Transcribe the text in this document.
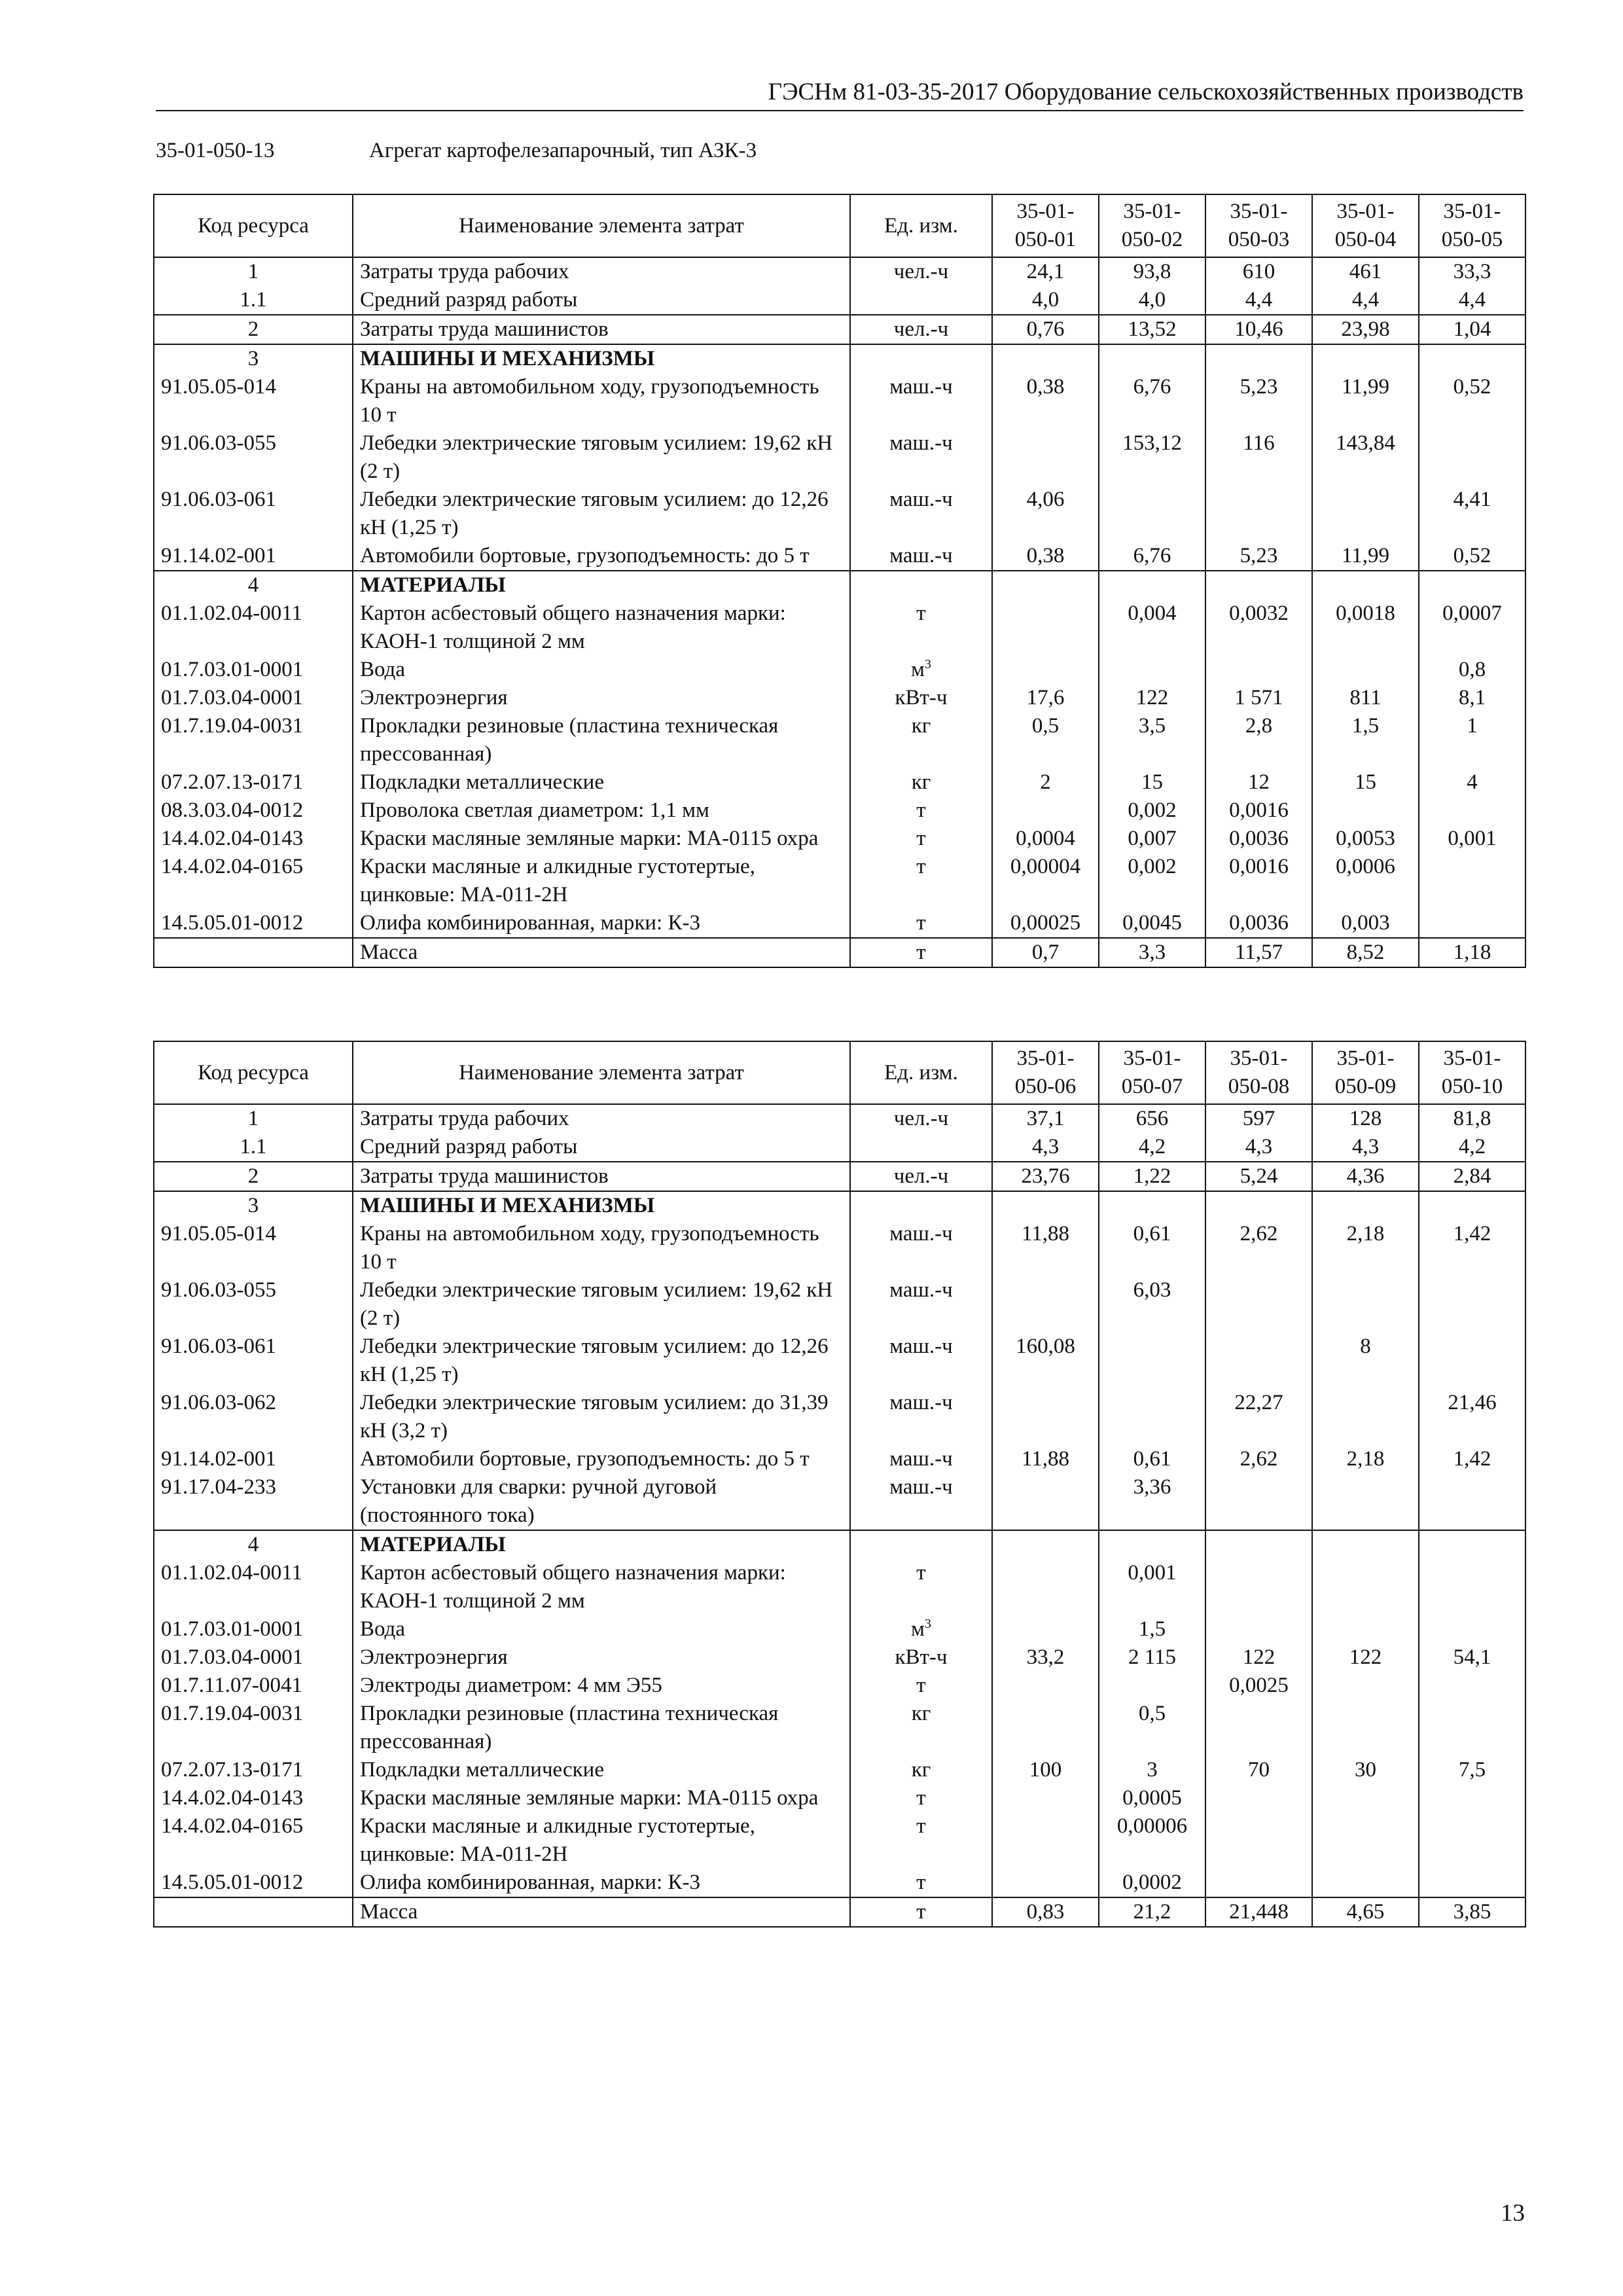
ГЭСНм 81-03-35-2017 Оборудование сельскохозяйственных производств
35-01-050-13	Агрегат картофелезапарочный, тип АЗК-3
Код ресурса	Наименование элемента затрат	Ед. изм.	35-01-050-01	35-01-050-02	35-01-050-03	35-01-050-04	35-01-050-05
1	Затраты труда рабочих	чел.-ч	24,1	93,8	610	461	33,3
1.1	Средний разряд работы		4,0	4,0	4,4	4,4	4,4
2	Затраты труда машинистов	чел.-ч	0,76	13,52	10,46	23,98	1,04
3	МАШИНЫ И МЕХАНИЗМЫ						
91.05.05-014	Краны на автомобильном ходу, грузоподъемность 10 т	маш.-ч	0,38	6,76	5,23	11,99	0,52
91.06.03-055	Лебедки электрические тяговым усилием: 19,62 кН (2 т)	маш.-ч		153,12	116	143,84	
91.06.03-061	Лебедки электрические тяговым усилием: до 12,26 кН (1,25 т)	маш.-ч	4,06				4,41
91.14.02-001	Автомобили бортовые, грузоподъемность: до 5 т	маш.-ч	0,38	6,76	5,23	11,99	0,52
4	МАТЕРИАЛЫ						
01.1.02.04-0011	Картон асбестовый общего назначения марки: КАОН-1 толщиной 2 мм	т		0,004	0,0032	0,0018	0,0007
01.7.03.01-0001	Вода	$м^3$					0,8
01.7.03.04-0001	Электроэнергия	кВт-ч	17,6	122	1 571	811	8,1
01.7.19.04-0031	Прокладки резиновые (пластина техническая прессованная)	кг	0,5	3,5	2,8	1,5	1
07.2.07.13-0171	Подкладки металлические	кг	2	15	12	15	4
08.3.03.04-0012	Проволока светлая диаметром: 1,1 мм	т		0,002	0,0016		
14.4.02.04-0143	Краски масляные земляные марки: МА-0115 охра	т	0,0004	0,007	0,0036	0,0053	0,001
14.4.02.04-0165	Краски масляные и алкидные густотертые, цинковые: МА-011-2Н	т	0,00004	0,002	0,0016	0,0006	
14.5.05.01-0012	Олифа комбинированная, марки: К-3	т	0,00025	0,0045	0,0036	0,003	
	Масса	т	0,7	3,3	11,57	8,52	1,18
Код ресурса	Наименование элемента затрат	Ед. изм.	35-01-050-06	35-01-050-07	35-01-050-08	35-01-050-09	35-01-050-10
1	Затраты труда рабочих	чел.-ч	37,1	656	597	128	81,8
1.1	Средний разряд работы		4,3	4,2	4,3	4,3	4,2
2	Затраты труда машинистов	чел.-ч	23,76	1,22	5,24	4,36	2,84
3	МАШИНЫ И МЕХАНИЗМЫ						
91.05.05-014	Краны на автомобильном ходу, грузоподъемность 10 т	маш.-ч	11,88	0,61	2,62	2,18	1,42
91.06.03-055	Лебедки электрические тяговым усилием: 19,62 кН (2 т)	маш.-ч		6,03			
91.06.03-061	Лебедки электрические тяговым усилием: до 12,26 кН (1,25 т)	маш.-ч	160,08			8	
91.06.03-062	Лебедки электрические тяговым усилием: до 31,39 кН (3,2 т)	маш.-ч			22,27		21,46
91.14.02-001	Автомобили бортовые, грузоподъемность: до 5 т	маш.-ч	11,88	0,61	2,62	2,18	1,42
91.17.04-233	Установки для сварки: ручной дуговой (постоянного тока)	маш.-ч		3,36			
4	МАТЕРИАЛЫ						
01.1.02.04-0011	Картон асбестовый общего назначения марки: КАОН-1 толщиной 2 мм	т		0,001			
01.7.03.01-0001	Вода	$м^3$		1,5			
01.7.03.04-0001	Электроэнергия	кВт-ч	33,2	2 115	122	122	54,1
01.7.11.07-0041	Электроды диаметром: 4 мм Э55	т			0,0025		
01.7.19.04-0031	Прокладки резиновые (пластина техническая прессованная)	кг		0,5			
07.2.07.13-0171	Подкладки металлические	кг	100	3	70	30	7,5
14.4.02.04-0143	Краски масляные земляные марки: МА-0115 охра	т		0,0005			
14.4.02.04-0165	Краски масляные и алкидные густотертые, цинковые: МА-011-2Н	т		0,00006			
14.5.05.01-0012	Олифа комбинированная, марки: К-3	т		0,0002			
	Масса	т	0,83	21,2	21,448	4,65	3,85
13
